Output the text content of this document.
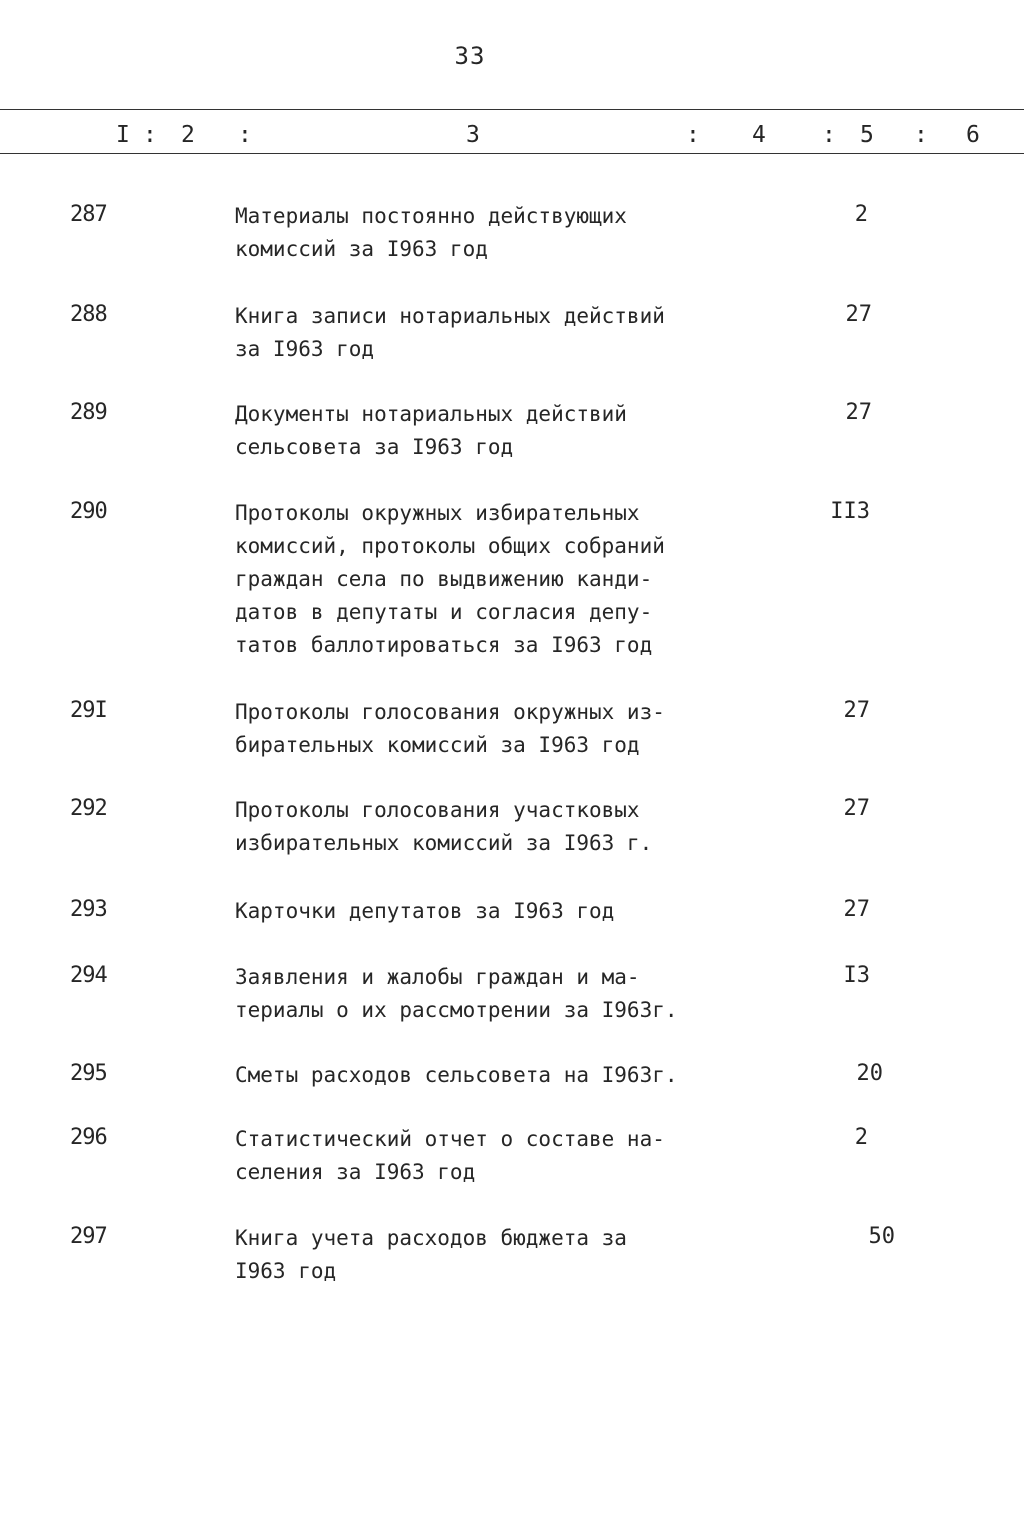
33
I : 2 :	3	: 4 : 5 : 6
287	Материалы постоянно действующих
комиссий за I963 год
2
288	Книга записи нотариальных действий
за I963 год
27
289	Документы нотариальных действий
сельсовета за I963 год
27
290	Протоколы окружных избирательных
комиссий, протоколы общих собраний
граждан села по выдвижению канди-
датов в депутаты и согласия депу-
татов баллотироваться за I963 год
II3
29I	Протоколы голосования окружных из-
бирательных комиссий за I963 год
27
292	Протоколы голосования участковых
избирательных комиссий за I963 г.
27
293	Карточки депутатов за I963 год	27
294	Заявления и жалобы граждан и ма-
териалы о их рассмотрении за I963г.
I3
295	Сметы расходов сельсовета на I963г.	20
296	Статистический отчет о составе на-
селения за I963 год
2
297	Книга учета расходов бюджета за
I963 год
50
